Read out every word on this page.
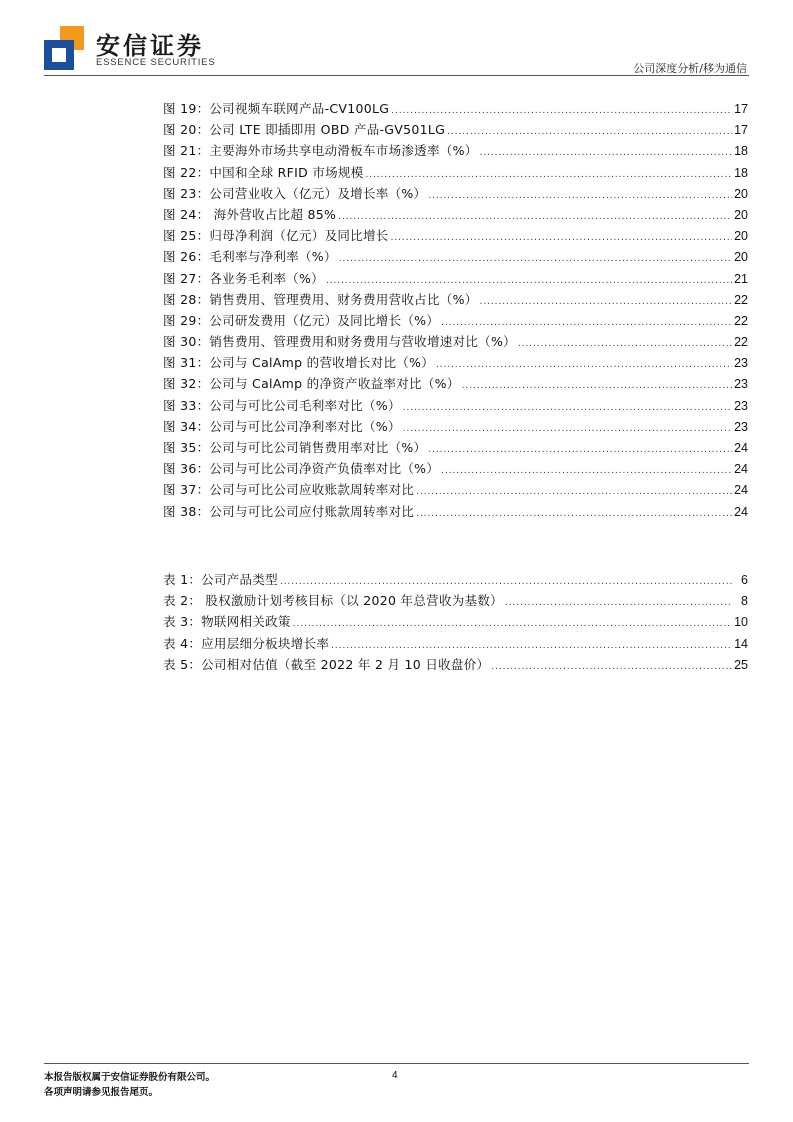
安信证券
ESSENCE SECURITIES	公司深度分析/移为通信
图 19：公司视频车联网产品-CV100LG .....	17
图 20：公司 LTE 即插即用 OBD 产品-GV501LG .....	17
图 21：主要海外市场共享电动滑板车市场渗透率（%） .....	18
图 22：中国和全球 RFID 市场规模 .....	18
图 23：公司营业收入（亿元）及增长率（%） .....	20
图 24： 海外营收占比超 85% .....	20
图 25：归母净利润（亿元）及同比增长 .....	20
图 26：毛利率与净利率（%） .....	20
图 27：各业务毛利率（%） .....	21
图 28：销售费用、管理费用、财务费用营收占比（%） .....	22
图 29：公司研发费用（亿元）及同比增长（%） .....	22
图 30：销售费用、管理费用和财务费用与营收增速对比（%） .....	22
图 31：公司与 CalAmp 的营收增长对比（%） .....	23
图 32：公司与 CalAmp 的净资产收益率对比（%） .....	23
图 33：公司与可比公司毛利率对比（%） .....	23
图 34：公司与可比公司净利率对比（%） .....	23
图 35：公司与可比公司销售费用率对比（%） .....	24
图 36：公司与可比公司净资产负债率对比（%） .....	24
图 37：公司与可比公司应收账款周转率对比 .....	24
图 38：公司与可比公司应付账款周转率对比 .....	24
表 1：公司产品类型 .....	6
表 2： 股权激励计划考核目标（以 2020 年总营收为基数） .....	8
表 3：物联网相关政策 .....	10
表 4：应用层细分板块增长率 .....	14
表 5：公司相对估值（截至 2022 年 2 月 10 日收盘价） .....	25
本报告版权属于安信证券股份有限公司。
各项声明请参见报告尾页。
4
